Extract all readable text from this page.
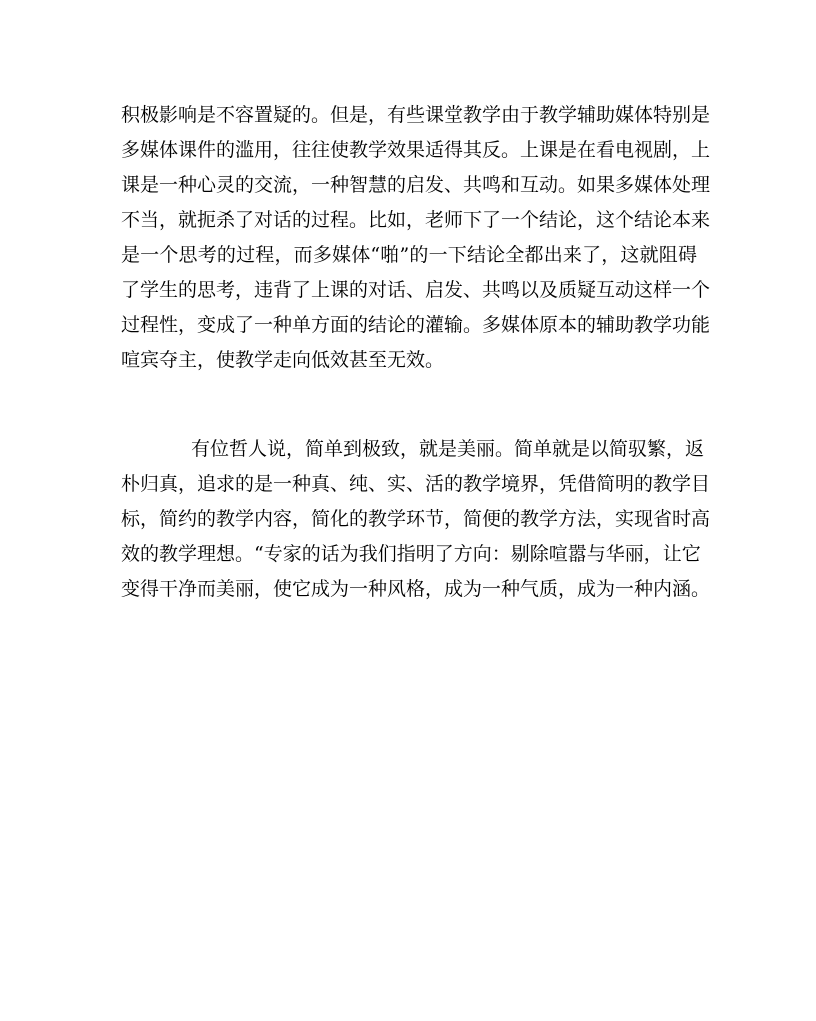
积极影响是不容置疑的。但是，有些课堂教学由于教学辅助媒体特别是
多媒体课件的滥用，往往使教学效果适得其反。上课是在看电视剧，上
课是一种心灵的交流，一种智慧的启发、共鸣和互动。如果多媒体处理
不当，就扼杀了对话的过程。比如，老师下了一个结论，这个结论本来
是一个思考的过程，而多媒体“啪”的一下结论全都出来了，这就阻碍
了学生的思考，违背了上课的对话、启发、共鸣以及质疑互动这样一个
过程性，变成了一种单方面的结论的灌输。多媒体原本的辅助教学功能
喧宾夺主，使教学走向低效甚至无效。
有位哲人说，简单到极致，就是美丽。简单就是以简驭繁，返
朴归真，追求的是一种真、纯、实、活的教学境界，凭借简明的教学目
标，简约的教学内容，简化的教学环节，简便的教学方法，实现省时高
效的教学理想。“专家的话为我们指明了方向：剔除喧嚣与华丽，让它
变得干净而美丽，使它成为一种风格，成为一种气质，成为一种内涵。
